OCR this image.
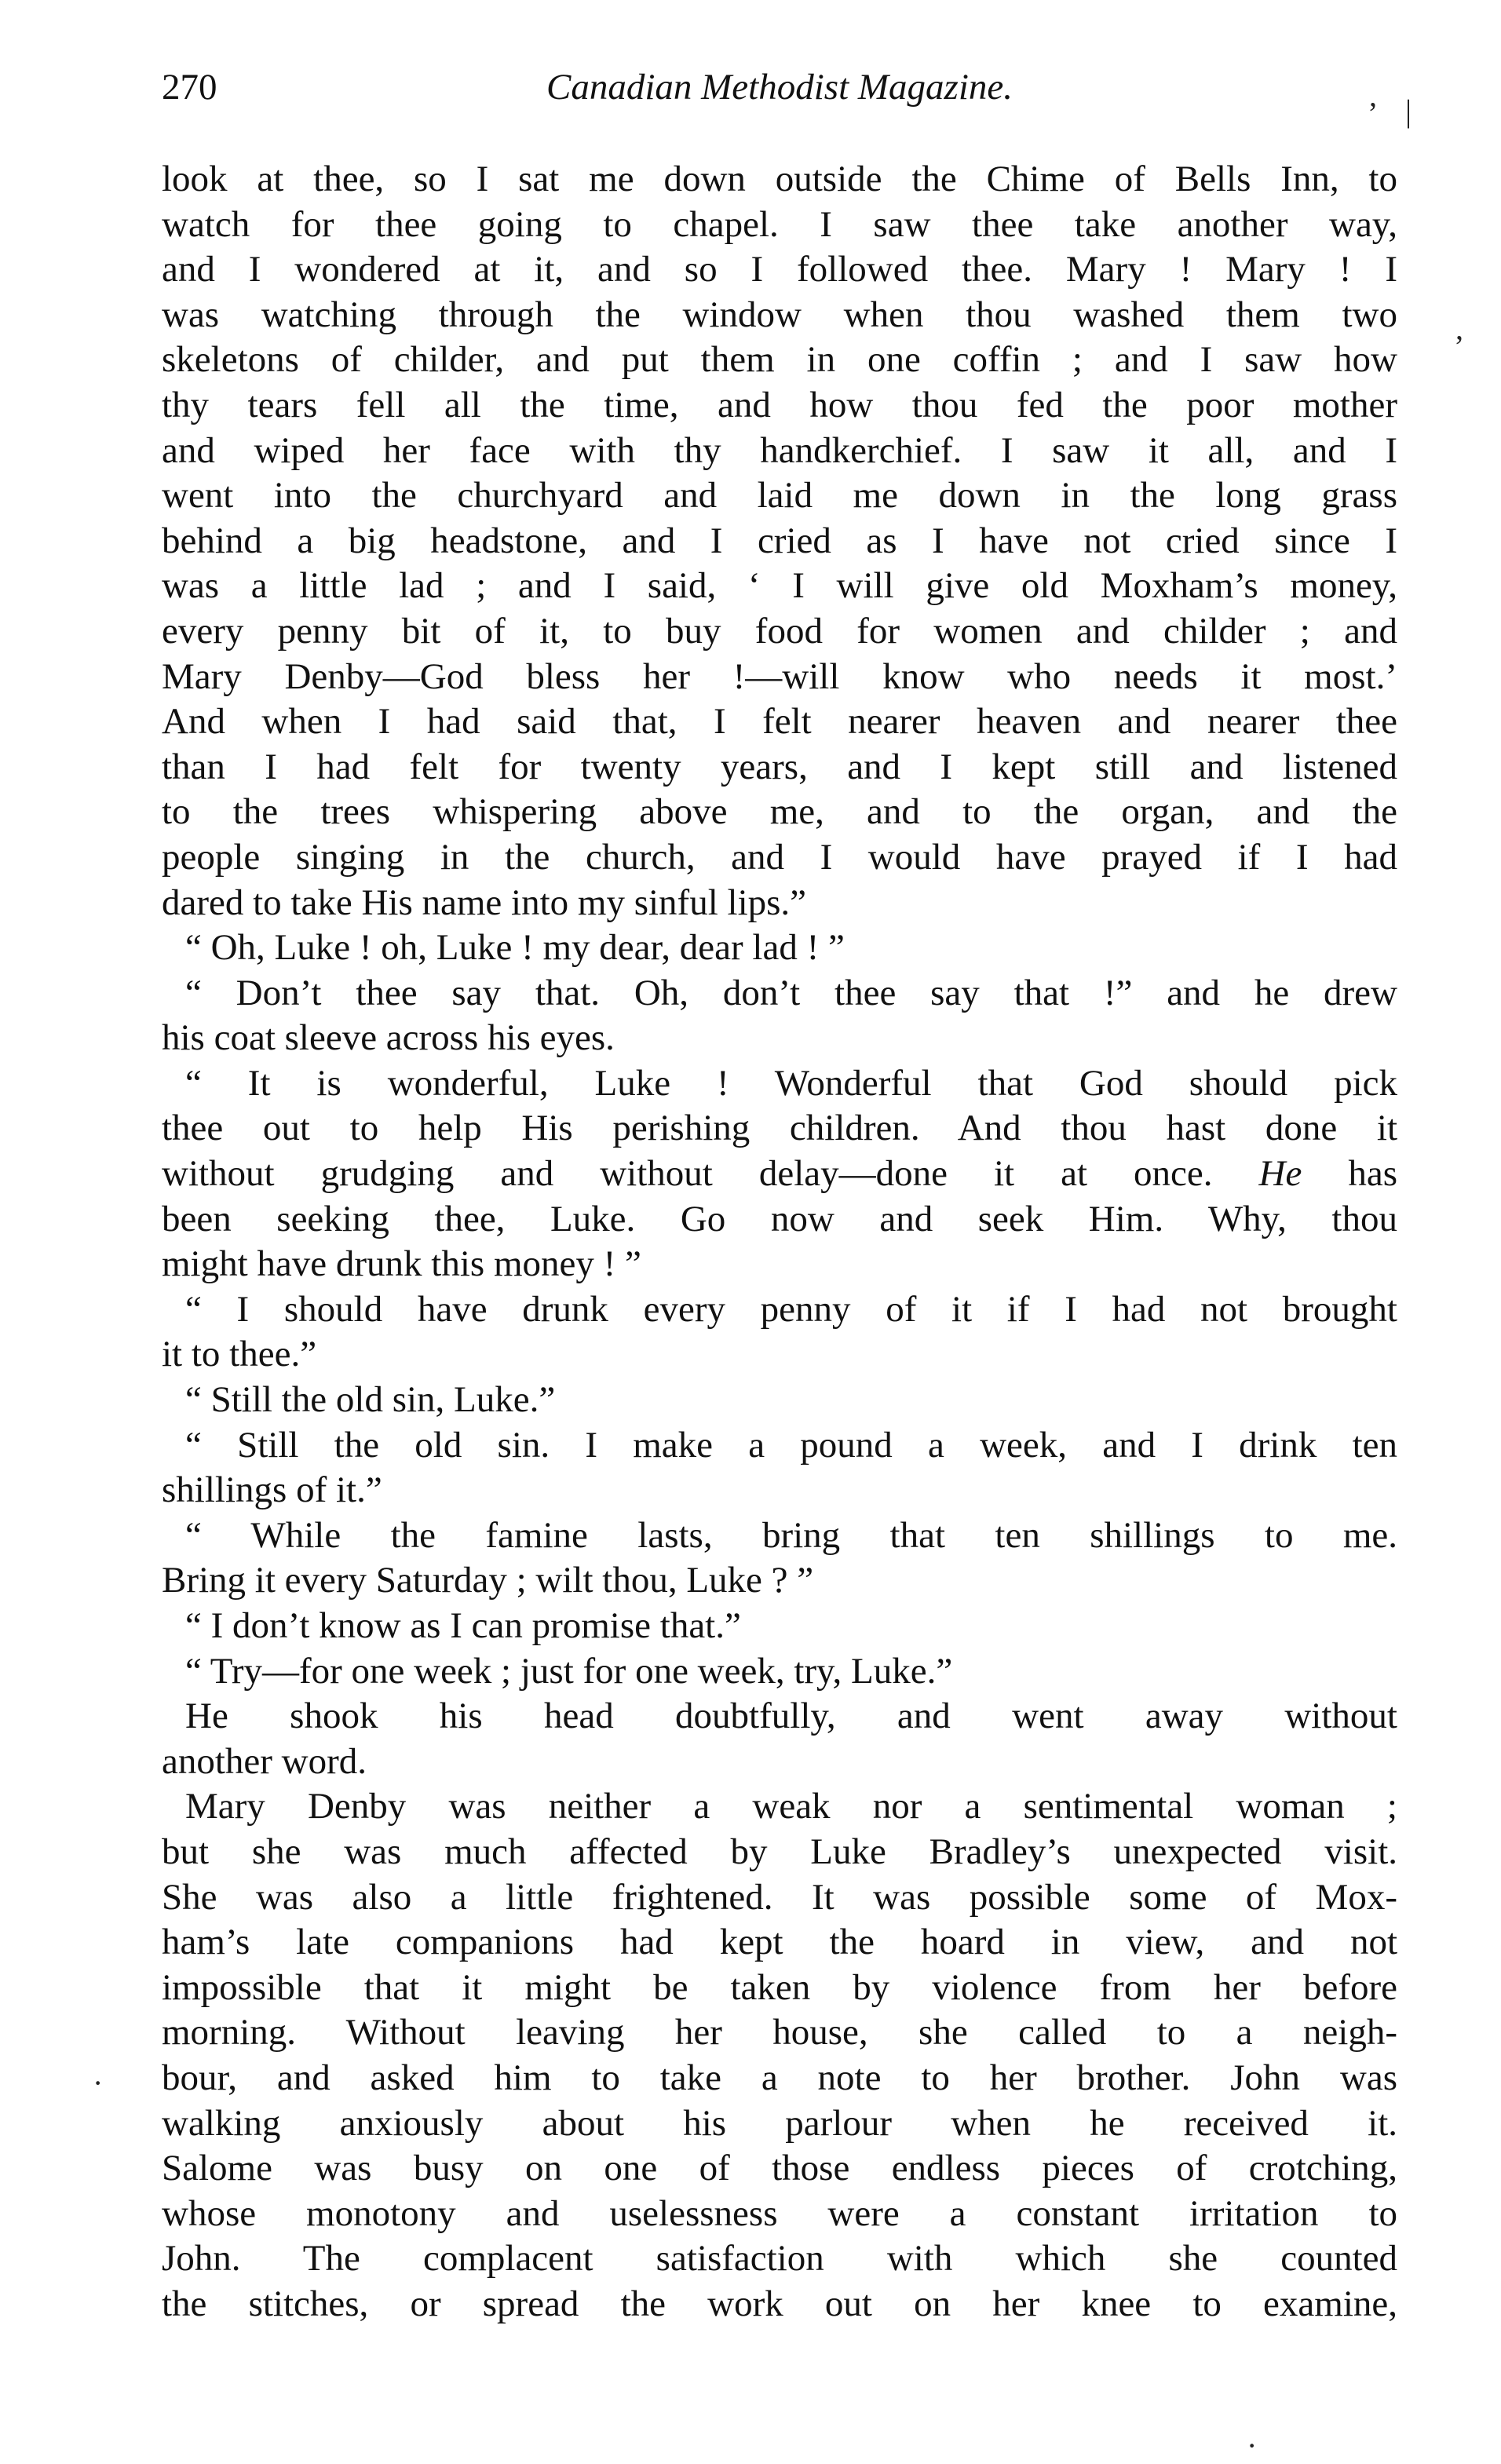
270	Canadian Methodist Magazine.	, |
look at thee, so I sat me down outside the Chime of Bells Inn, to
watch for thee going to chapel. I saw thee take another way,
and I wondered at it, and so I followed thee. Mary ! Mary ! I
was watching through the window when thou washed them two
skeletons of childer, and put them in one coffin ; and I saw how
thy tears fell all the time, and how thou fed the poor mother
and wiped her face with thy handkerchief. I saw it all, and I
went into the churchyard and laid me down in the long grass
behind a big headstone, and I cried as I have not cried since I
was a little lad ; and I said, ‘ I will give old Moxham’s money,
every penny bit of it, to buy food for women and childer ; and
Mary Denby—God bless her !—will know who needs it most.’
And when I had said that, I felt nearer heaven and nearer thee
than I had felt for twenty years, and I kept still and listened
to the trees whispering above me, and to the organ, and the
people singing in the church, and I would have prayed if I had
dared to take His name into my sinful lips.”
“ Oh, Luke ! oh, Luke ! my dear, dear lad ! ”
“ Don’t thee say that. Oh, don’t thee say that !” and he drew
his coat sleeve across his eyes.
“ It is wonderful, Luke ! Wonderful that God should pick
thee out to help His perishing children. And thou hast done it
without grudging and without delay—done it at once. He has
been seeking thee, Luke. Go now and seek Him. Why, thou
might have drunk this money ! ”
“ I should have drunk every penny of it if I had not brought
it to thee.”
“ Still the old sin, Luke.”
“ Still the old sin. I make a pound a week, and I drink ten
shillings of it.”
“ While the famine lasts, bring that ten shillings to me.
Bring it every Saturday ; wilt thou, Luke ? ”
“ I don’t know as I can promise that.”
“ Try—for one week ; just for one week, try, Luke.”
He shook his head doubtfully, and went away without
another word.
Mary Denby was neither a weak nor a sentimental woman ;
but she was much affected by Luke Bradley’s unexpected visit.
She was also a little frightened. It was possible some of Mox-
ham’s late companions had kept the hoard in view, and not
impossible that it might be taken by violence from her before
morning. Without leaving her house, she called to a neigh-
bour, and asked him to take a note to her brother. John was
walking anxiously about his parlour when he received it.
Salome was busy on one of those endless pieces of crotching,
whose monotony and uselessness were a constant irritation to
John. The complacent satisfaction with which she counted
the stitches, or spread the work out on her knee to examine,
,
·
·
